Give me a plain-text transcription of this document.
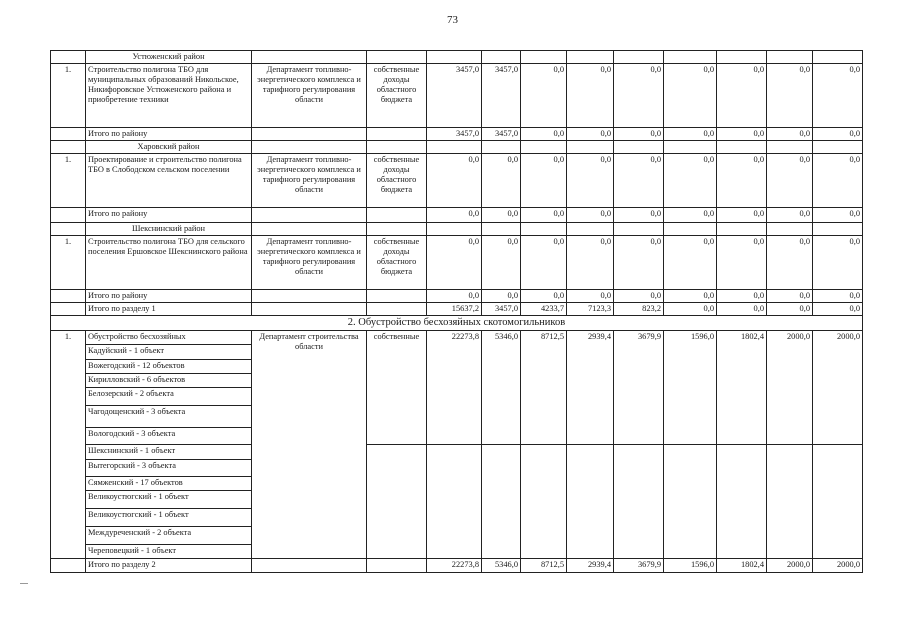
73
	Устюженский район											
1.	Строительство полигона ТБО для муниципальных образований Никольское, Никифоровское Устюженского района и приобретение техники	Департамент топливно-энергетического комплекса и тарифного регулирования области	собственные доходы областного бюджета	3457,0	3457,0	0,0	0,0	0,0	0,0	0,0	0,0	0,0
	Итого по району			3457,0	3457,0	0,0	0,0	0,0	0,0	0,0	0,0	0,0
	Харовский район											
1.	Проектирование и строительство полигона ТБО в Слободском сельском поселении	Департамент топливно-энергетического комплекса и тарифного регулирования области	собственные доходы областного бюджета	0,0	0,0	0,0	0,0	0,0	0,0	0,0	0,0	0,0
	Итого по району			0,0	0,0	0,0	0,0	0,0	0,0	0,0	0,0	0,0
	Шекснинский район											
1.	Строительство полигона ТБО для сельского поселения Ершовское Шекснинского района	Департамент топливно-энергетического комплекса и тарифного регулирования области	собственные доходы областного бюджета	0,0	0,0	0,0	0,0	0,0	0,0	0,0	0,0	0,0
	Итого по району			0,0	0,0	0,0	0,0	0,0	0,0	0,0	0,0	0,0
	Итого по разделу 1			15637,2	3457,0	4233,7	7123,3	823,2	0,0	0,0	0,0	0,0
2. Обустройство бесхозяйных скотомогильников												
1.	Обустройство бесхозяйных	Департамент строительства области	собственные	22273,8	5346,0	8712,5	2939,4	3679,9	1596,0	1802,4	2000,0	2000,0
	Кадуйский - 1 объект											
	Вожегодский - 12 объектов											
	Кирилловский - 6 объектов											
	Белозерский - 2 объекта											
	Чагодощенский - 3 объекта											
	Вологодский - 3 объекта											
	Шекснинский - 1 объект											
	Вытегорский - 3 объекта											
	Сямженский - 17 объектов											
	Великоустюгский - 1 объект											
	Великоустюгский - 1 объект											
	Междуреченский - 2 объекта											
	Череповецкий - 1 объект											
	Итого по разделу 2			22273,8	5346,0	8712,5	2939,4	3679,9	1596,0	1802,4	2000,0	2000,0
